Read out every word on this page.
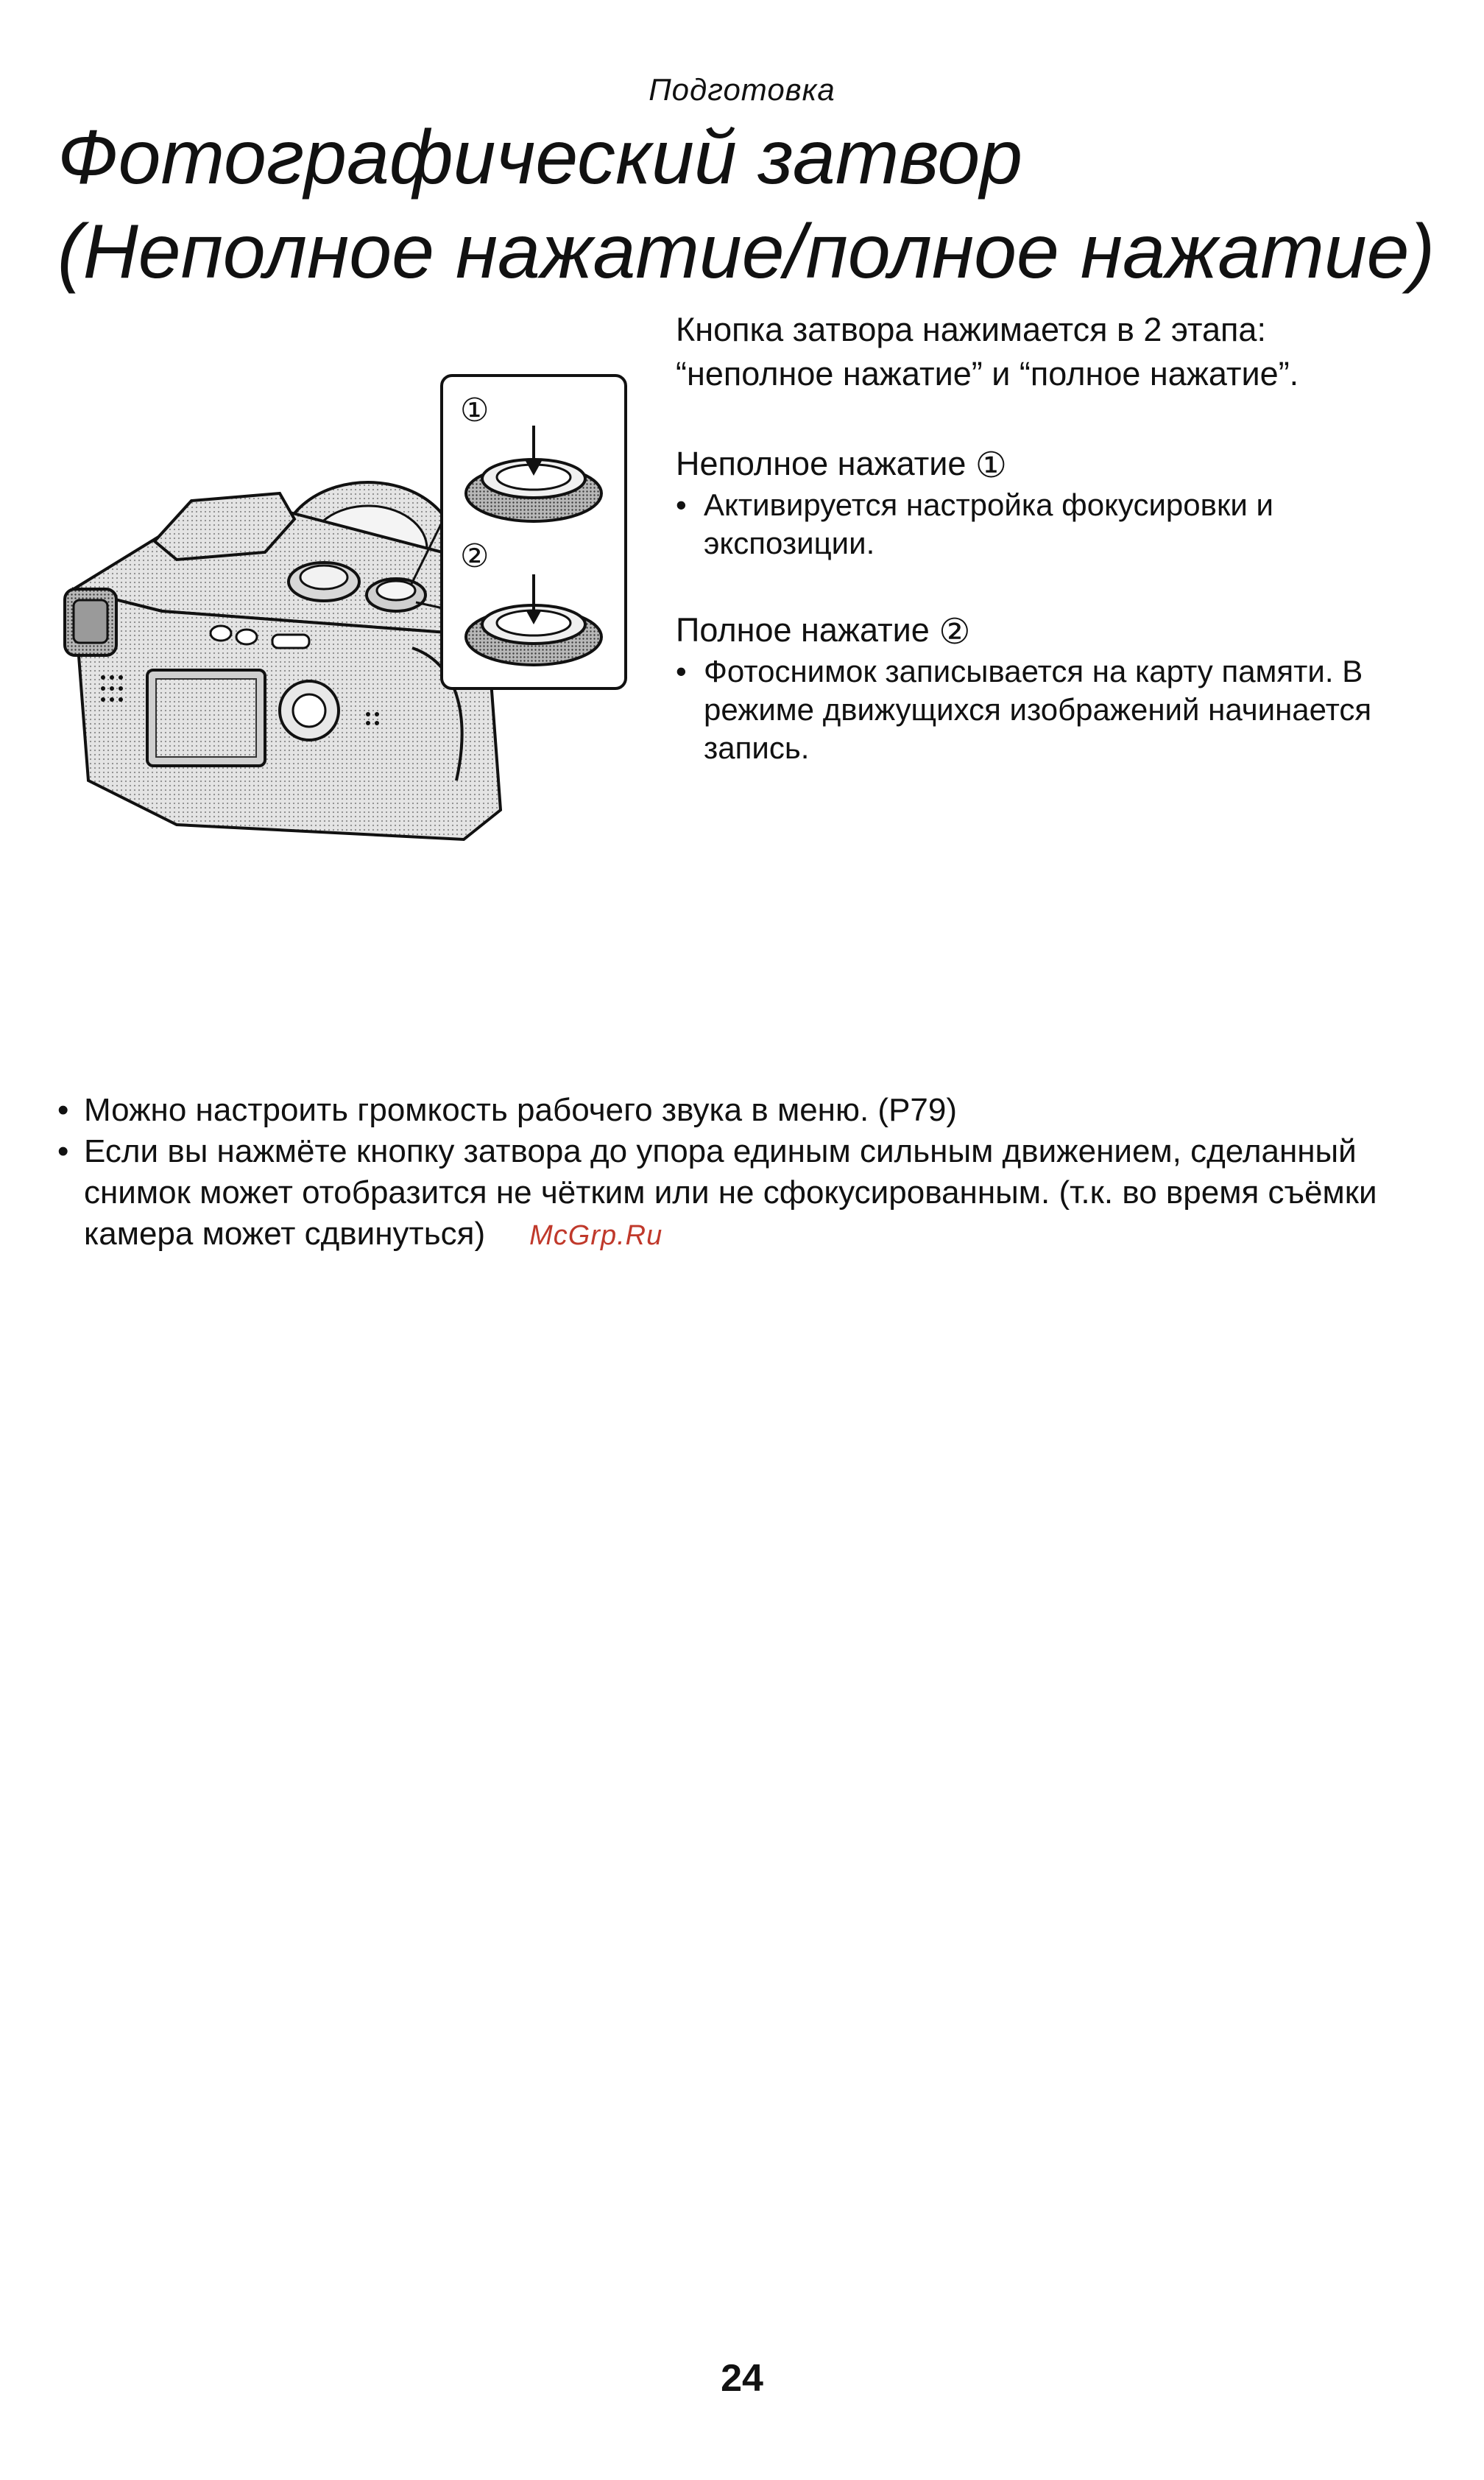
Подготовка
Фотографический затвор
(Неполное нажатие/полное нажатие)
①
②

Кнопка затвора нажимается в 2 этапа:

“неполное нажатие” и “полное нажатие”.

Неполное нажатие ①

• Активируется настройка фокусировки и экспозиции.

Полное нажатие ②

• Фотоснимок записывается на карту памяти. В режиме движущихся изображений начинается запись.
• Можно настроить громкость рабочего звука в меню. (P79)
• Если вы нажмёте кнопку затвора до упора единым сильным движением, сделанный снимок может отобразится не чётким или не сфокусированным. (т.к. во время съёмки камера может сдвинуться) McGrp.Ru
24
